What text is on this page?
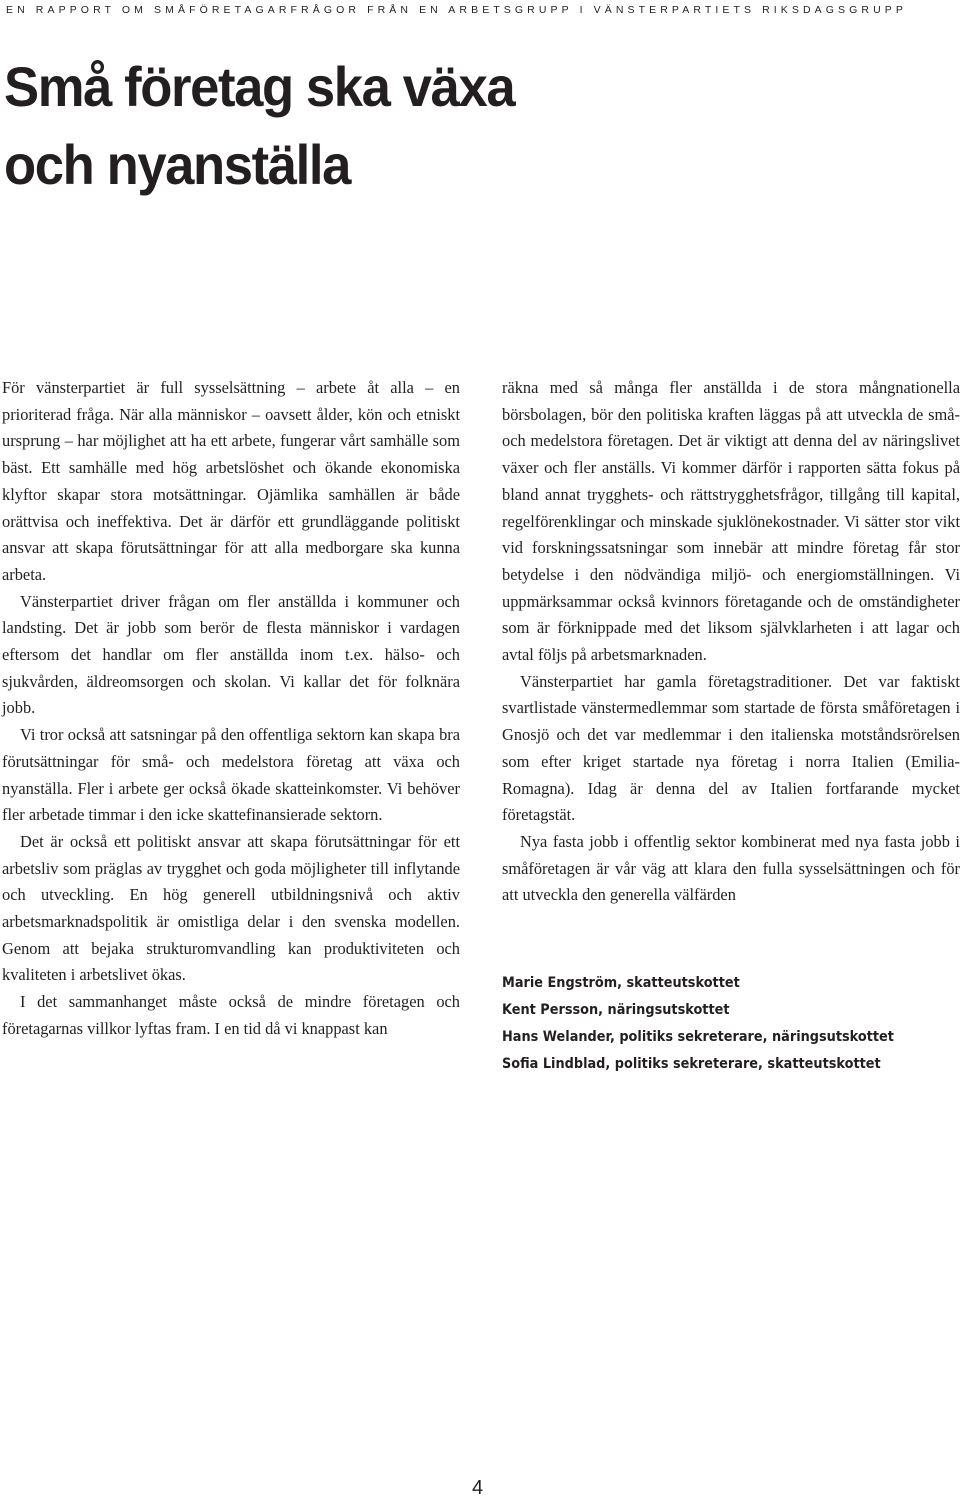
EN RAPPORT OM SMÅFÖRETAGARFRÅGOR FRÅN EN ARBETSGRUPP I VÄNSTERPARTIETS RIKSDAGSGRUPP
Små företag ska växa
och nyanställa

För vänsterpartiet är full sysselsättning – arbete åt alla – en prioriterad fråga. När alla människor – oavsett ålder, kön och etniskt ursprung – har möjlighet att ha ett arbete, fungerar vårt samhälle som bäst. Ett samhälle med hög arbetslöshet och ökande ekonomiska klyftor skapar stora motsättningar. Ojämlika samhällen är både orättvisa och ineffektiva. Det är därför ett grundläggande politiskt ansvar att skapa förutsättningar för att alla medborgare ska kunna arbeta.

Vänsterpartiet driver frågan om fler anställda i kommuner och landsting. Det är jobb som berör de flesta människor i vardagen eftersom det handlar om fler anställda inom t.ex. hälso- och sjukvården, äldreomsorgen och skolan. Vi kallar det för folknära jobb.

Vi tror också att satsningar på den offentliga sektorn kan skapa bra förutsättningar för små- och medelstora företag att växa och nyanställa. Fler i arbete ger också ökade skatteinkomster. Vi behöver fler arbetade timmar i den icke skattefinansierade sektorn.

Det är också ett politiskt ansvar att skapa förutsättningar för ett arbetsliv som präglas av trygghet och goda möjligheter till inflytande och utveckling. En hög generell utbildningsnivå och aktiv arbetsmarknadspolitik är omistliga delar i den svenska modellen. Genom att bejaka strukturomvandling kan produktiviteten och kvaliteten i arbetslivet ökas.

I det sammanhanget måste också de mindre företagen och företagarnas villkor lyftas fram. I en tid då vi knappast kan

räkna med så många fler anställda i de stora mångnationella börsbolagen, bör den politiska kraften läggas på att utveckla de små- och medelstora företagen. Det är viktigt att denna del av näringslivet växer och fler anställs. Vi kommer därför i rapporten sätta fokus på bland annat trygghets- och rättstrygghetsfrågor, tillgång till kapital, regelförenklingar och minskade sjuklönekostnader. Vi sätter stor vikt vid forskningssatsningar som innebär att mindre företag får stor betydelse i den nödvändiga miljö- och energiomställningen. Vi uppmärksammar också kvinnors företagande och de omständigheter som är förknippade med det liksom självklarheten i att lagar och avtal följs på arbetsmarknaden.

Vänsterpartiet har gamla företagstraditioner. Det var faktiskt svartlistade vänstermedlemmar som startade de första småföretagen i Gnosjö och det var medlemmar i den italienska motståndsrörelsen som efter kriget startade nya företag i norra Italien (Emilia-Romagna). Idag är denna del av Italien fortfarande mycket företagstät.

Nya fasta jobb i offentlig sektor kombinerat med nya fasta jobb i småföretagen är vår väg att klara den fulla sysselsättningen och för att utveckla den generella välfärden

Marie Engström, skatteutskottet
Kent Persson, näringsutskottet
Hans Welander, politiks sekreterare, näringsutskottet
Sofia Lindblad, politiks sekreterare, skatteutskottet
4
